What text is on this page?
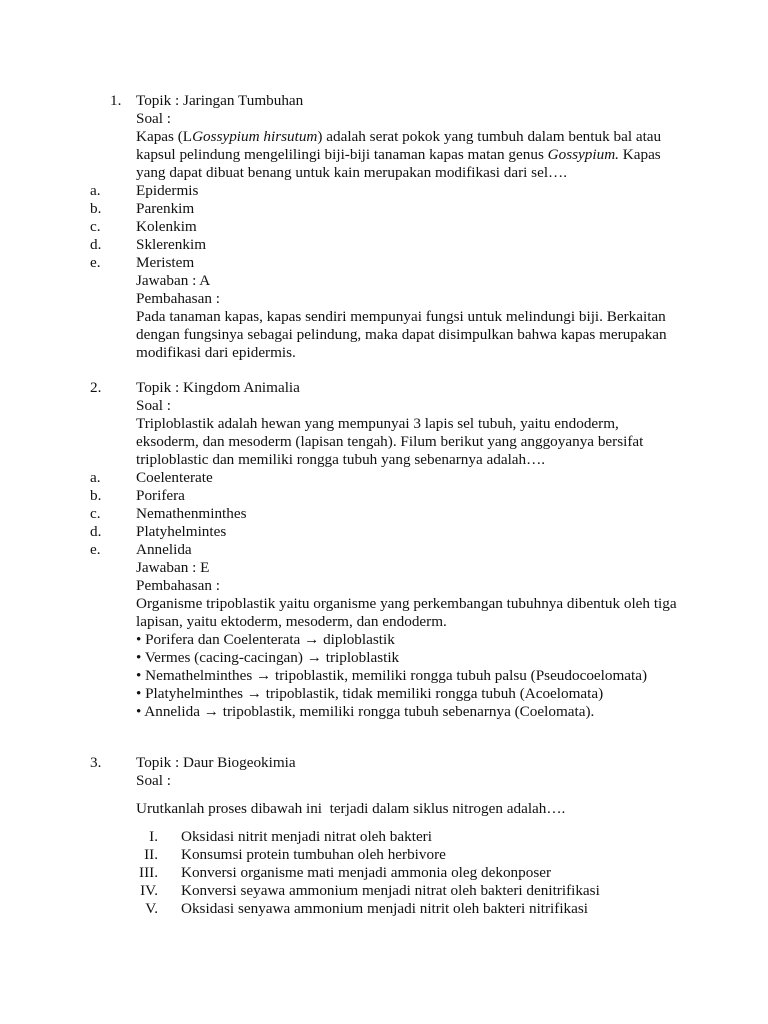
1. Topik : Jaringan Tumbuhan
Soal :
Kapas (LGossypium hirsutum) adalah serat pokok yang tumbuh dalam bentuk bal atau
kapsul pelindung mengelilingi biji-biji tanaman kapas matan genus Gossypium. Kapas
yang dapat dibuat benang untuk kain merupakan modifikasi dari sel….
a. Epidermis
b. Parenkim
c. Kolenkim
d. Sklerenkim
e. Meristem
Jawaban : A
Pembahasan :
Pada tanaman kapas, kapas sendiri mempunyai fungsi untuk melindungi biji. Berkaitan
dengan fungsinya sebagai pelindung, maka dapat disimpulkan bahwa kapas merupakan
modifikasi dari epidermis.
2. Topik : Kingdom Animalia
Soal :
Triploblastik adalah hewan yang mempunyai 3 lapis sel tubuh, yaitu endoderm,
eksoderm, dan mesoderm (lapisan tengah). Filum berikut yang anggoyanya bersifat
triploblastic dan memiliki rongga tubuh yang sebenarnya adalah….
a. Coelenterate
b. Porifera
c. Nemathenminthes
d. Platyhelmintes
e. Annelida
Jawaban : E
Pembahasan :
Organisme tripoblastik yaitu organisme yang perkembangan tubuhnya dibentuk oleh tiga
lapisan, yaitu ektoderm, mesoderm, dan endoderm.
• Porifera dan Coelenterata → diploblastik
• Vermes (cacing-cacingan) → triploblastik
• Nemathelminthes → tripoblastik, memiliki rongga tubuh palsu (Pseudocoelomata)
• Platyhelminthes → tripoblastik, tidak memiliki rongga tubuh (Acoelomata)
• Annelida → tripoblastik, memiliki rongga tubuh sebenarnya (Coelomata).
3. Topik : Daur Biogeokimia
Soal :
Urutkanlah proses dibawah ini  terjadi dalam siklus nitrogen adalah….
I. Oksidasi nitrit menjadi nitrat oleh bakteri
II. Konsumsi protein tumbuhan oleh herbivore
III. Konversi organisme mati menjadi ammonia oleg dekonposer
IV. Konversi seyawa ammonium menjadi nitrat oleh bakteri denitrifikasi
V. Oksidasi senyawa ammonium menjadi nitrit oleh bakteri nitrifikasi
